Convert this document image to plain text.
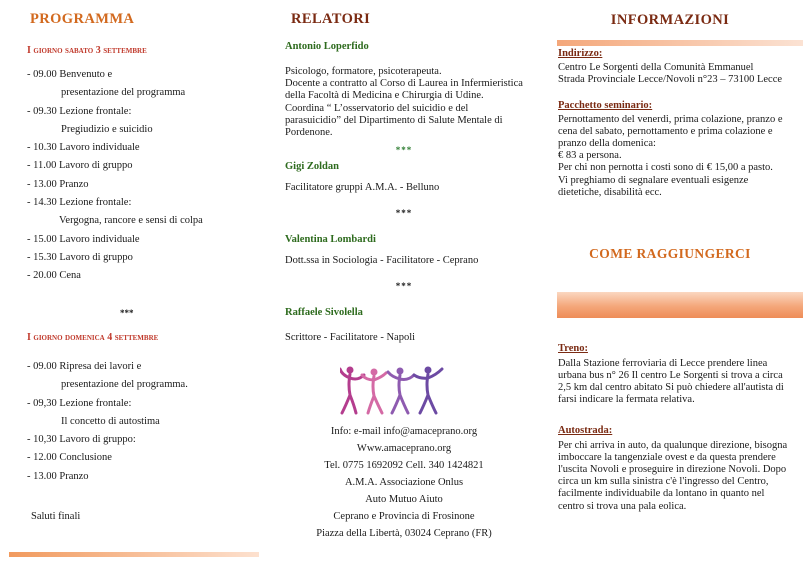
PROGRAMMA
I giorno sabato 3 settembre
- 09.00 Benvenuto e
presentazione del programma
- 09.30 Lezione frontale:
Pregiudizio e suicidio
- 10.30 Lavoro individuale
- 11.00 Lavoro di gruppo
- 13.00 Pranzo
- 14.30 Lezione frontale:
Vergogna, rancore e sensi di colpa
- 15.00 Lavoro individuale
- 15.30 Lavoro di gruppo
- 20.00 Cena
***
I giorno domenica 4 settembre
- 09.00 Ripresa dei lavori e
presentazione del programma.
- 09,30 Lezione frontale:
Il concetto di autostima
- 10,30 Lavoro di gruppo:
- 12.00 Conclusione
- 13.00 Pranzo
Saluti finali
RELATORI
Antonio Loperfido
Psicologo, formatore, psicoterapeuta.
Docente a contratto al Corso di Laurea in Infermieristica della Facoltà di Medicina e Chirurgia di Udine. Coordina “ L’osservatorio del suicidio e del parasuicidio” del Dipartimento di Salute Mentale di Pordenone.
***
Gigi Zoldan
Facilitatore gruppi A.M.A. - Belluno
***
Valentina Lombardi
Dott.ssa in Sociologia - Facilitatore - Ceprano
***
Raffaele Sivolella
Scrittore - Facilitatore - Napoli
Info: e-mail info@amaceprano.org
Www.amaceprano.org
Tel. 0775 1692092 Cell. 340 1424821
A.M.A. Associazione Onlus
Auto Mutuo Aiuto
Ceprano e Provincia di Frosinone
Piazza della Libertà, 03024 Ceprano (FR)
INFORMAZIONI
Indirizzo:
Centro Le Sorgenti della Comunità Emmanuel
Strada Provinciale Lecce/Novoli n°23 – 73100 Lecce
Pacchetto seminario:
Pernottamento del venerdi, prima colazione, pranzo e cena del sabato, pernottamento e prima colazione e pranzo della domenica:
€ 83 a persona.
Per chi non pernotta i costi sono di € 15,00 a pasto.
Vi preghiamo di segnalare eventuali esigenze dietetiche, disabilità ecc.
COME RAGGIUNGERCI
Treno:
Dalla Stazione ferroviaria di Lecce prendere linea urbana bus n° 26 Il centro Le Sorgenti si trova a circa 2,5 km dal centro abitato Si può chiedere all'autista di farsi indicare la fermata relativa.
Autostrada:
Per chi arriva in auto, da qualunque direzione, bisogna imboccare la tangenziale ovest e da questa prendere l'uscita Novoli e proseguire in direzione Novoli. Dopo circa un km sulla sinistra c'è l'ingresso del Centro, facilmente individuabile da lontano in quanto nel centro si trova una pala eolica.
